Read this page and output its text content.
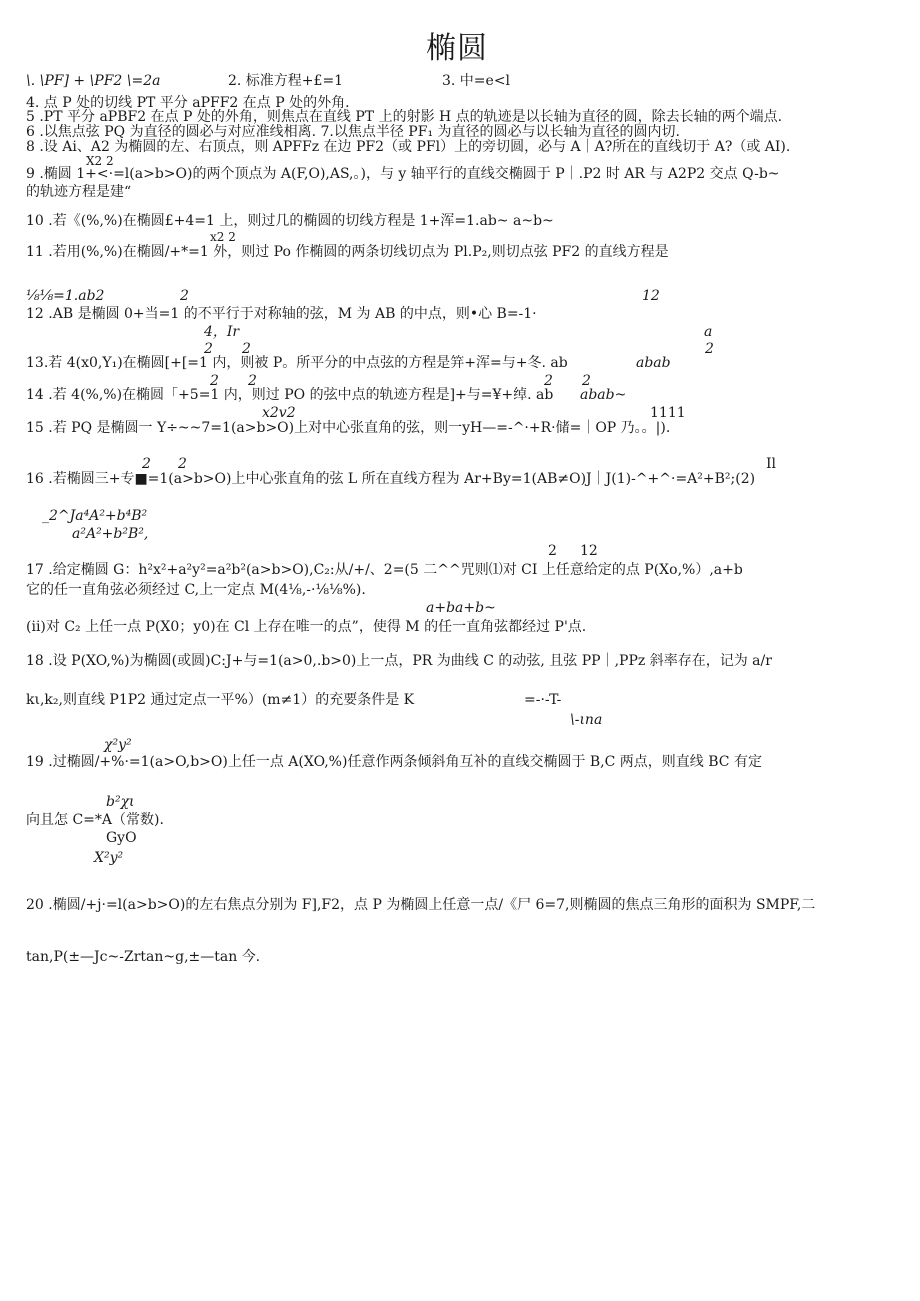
椭圆
\. \PF] + \PF2 \=2a	2. 标准方程+£=1	3. 中=e<l
4. 点 P 处的切线 PT 平分 aPFF2 在点 P 处的外角.
5 .PT 平分 aPBF2 在点 P 处的外角，则焦点在直线 PT 上的射影 H 点的轨迹是以长轴为直径的圆，除去长轴的两个端点.
6 .以焦点弦 PQ 为直径的圆必与对应准线相离. 7.以焦点半径 PF₁ 为直径的圆必与以长轴为直径的圆内切.
8 .设 Ai、A2 为椭圆的左、右顶点，则 APFFz 在边 PF2（或 PFl）上的旁切圆，必与 A｜A?所在的直线切于 A?（或 AI).
X2 2
9 .椭圆 1+<·=l(a>b>O)的两个顶点为 A(F,O),AS,。)，与 y 轴平行的直线交椭圆于 P｜.P2 时 AR 与 A2P2 交点 Q-b~
的轨迹方程是建“
10 .若《(%,%)在椭圆£+4=1 上，则过几的椭圆的切线方程是 1+浑=1.ab~ a~b~
x2 2
11 .若用(%,%)在椭圆/+*=1 外，则过 Po 作椭圆的两条切线切点为 Pl.P₂,则切点弦 PF2 的直线方程是
⅛⅛=1.ab2	2	12
12 .AB 是椭圆 0+当=1 的不平行于对称轴的弦，M 为 AB 的中点，则•心 B=-1·
4，Ir	a
2 2	2
13.若 4(x0,Y₁)在椭圆[+[=1 内，则被 P。所平分的中点弦的方程是笄+浑=与+冬. ab	abab
2 2	2 2
14 .若 4(%,%)在椭圆「+5=1 内，则过 PO 的弦中点的轨迹方程是]+与=¥+绰. ab abab~
x2v2	1111
15 .若 PQ 是椭圆一 Y÷~~7=1(a>b>O)上对中心张直角的弦，则一yH—=-^·+R·储=｜OP 乃。。|).
2 2	Il
16 .若椭圆三+专■=1(a>b>O)上中心张直角的弦 L 所在直线方程为 Ar+By=1(AB≠O)J｜J(1)-^+^·=A²+B²;(2)
_2^Ja⁴A²+b⁴B²
a²A²+b²B²,
2 12
17 .给定椭圆 G：h²x²+a²y²=a²b²(a>b>O),C₂:从/+/、2=(5 二^^咒则⑴对 CI 上任意给定的点 P(Xo,%）,a+b
它的任一直角弦必须经过 C,上一定点 M(4⅛,-·⅛⅛%).
a+ba+b~
(ii)对 C₂ 上任一点 P(X0；y0)在 Cl 上存在唯一的点”，使得 M 的任一直角弦都经过 P'点.
18 .设 P(XO,%)为椭圆(或圆)C:J+与=1(a>0,.b>0)上一点，PR 为曲线 C 的动弦, 且弦 PP｜,PPz 斜率存在，记为 a/r
kι,k₂,则直线 P1P2 通过定点一平%）(m≠1）的充要条件是 K	=-·-T-
\-ιna
χ²y²
19 .过椭圆/+%·=1(a>O,b>O)上任一点 A(XO,%)任意作两条倾斜角互补的直线交椭圆于 B,C 两点，则直线 BC 有定
b²χι
向且怎 C=*A（常数).
GyO
X²y²
20 .椭圆/+j·=l(a>b>O)的左右焦点分别为 F],F2，点 P 为椭圆上任意一点/《尸 6=7,则椭圆的焦点三角形的面积为 SMPF,二
tan,P(±—Jc~-Zrtan~g,±—tan 今.
